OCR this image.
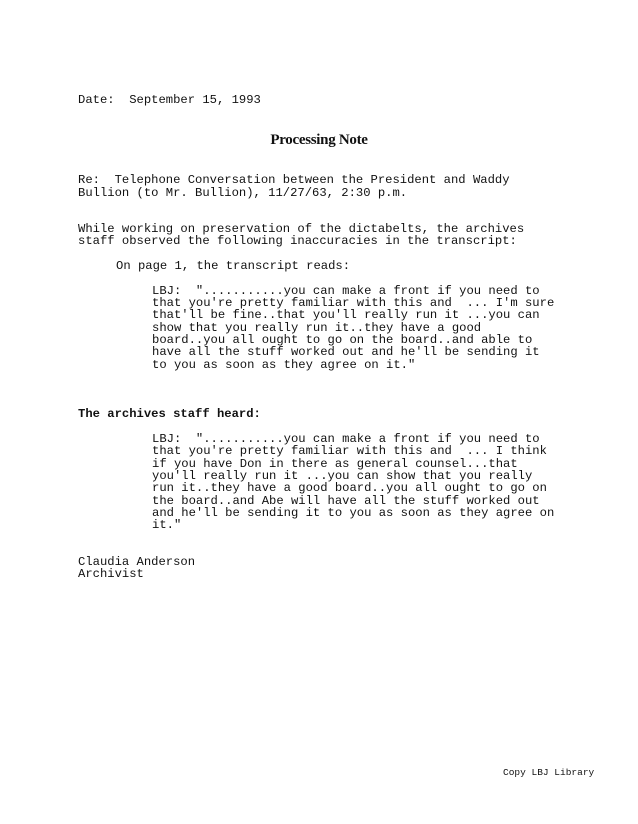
Date:  September 15, 1993
Processing Note
Re:  Telephone Conversation between the President and Waddy
Bullion (to Mr. Bullion), 11/27/63, 2:30 p.m.
While working on preservation of the dictabelts, the archives
staff observed the following inaccuracies in the transcript:
On page 1, the transcript reads:
LBJ:  "...........you can make a front if you need to
that you're pretty familiar with this and  ... I'm sure
that'll be fine..that you'll really run it ...you can
show that you really run it..they have a good
board..you all ought to go on the board..and able to
have all the stuff worked out and he'll be sending it
to you as soon as they agree on it."
The archives staff heard:
LBJ:  "...........you can make a front if you need to
that you're pretty familiar with this and  ... I think
if you have Don in there as general counsel...that
you'll really run it ...you can show that you really
run it..they have a good board..you all ought to go on
the board..and Abe will have all the stuff worked out
and he'll be sending it to you as soon as they agree on
it."
Claudia Anderson
Archivist
Copy LBJ Library
